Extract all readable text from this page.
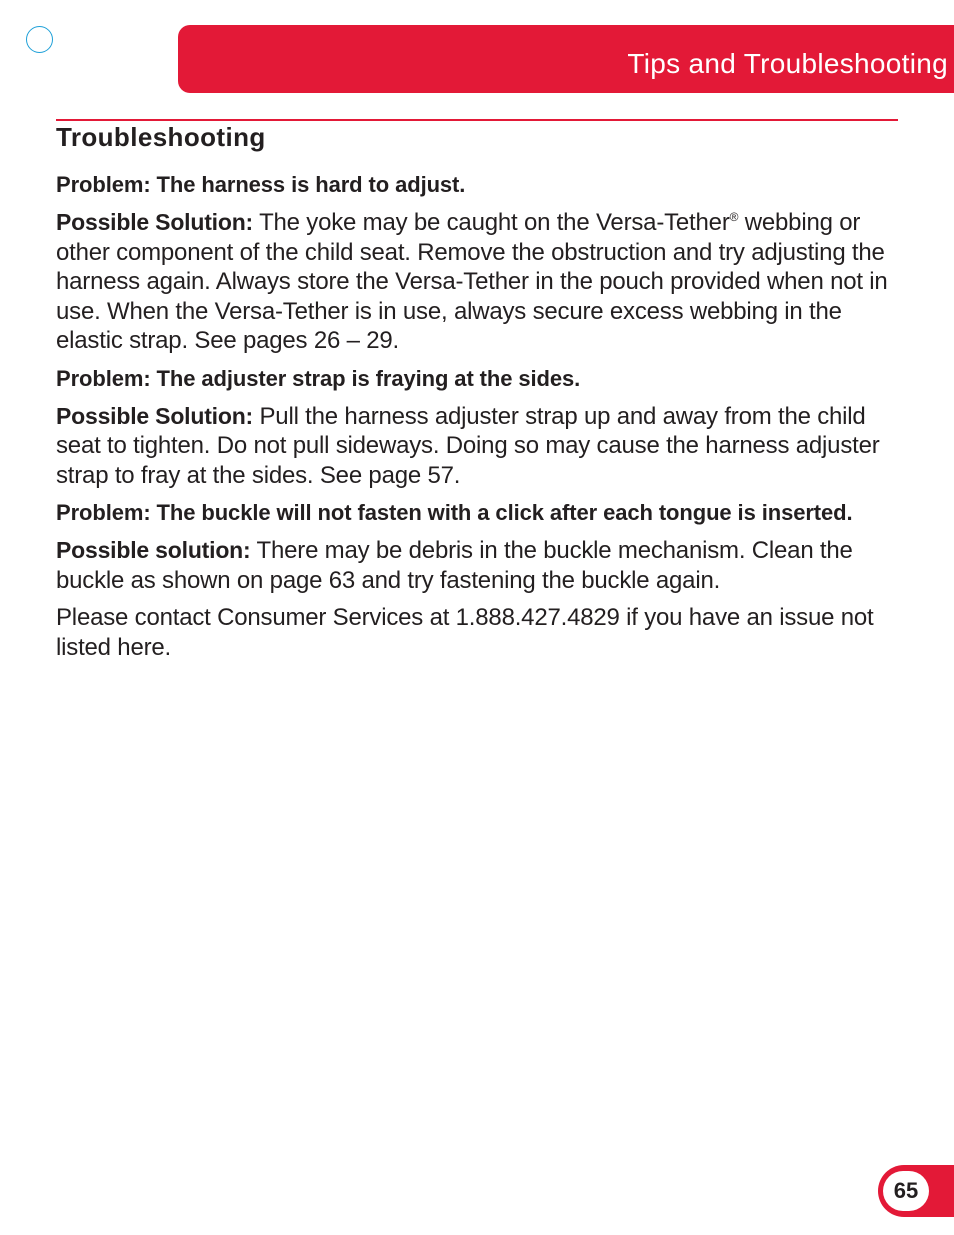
Tips and Troubleshooting
Troubleshooting

Problem: The harness is hard to adjust.

Possible Solution: The yoke may be caught on the Versa-Tether® webbing or other component of the child seat. Remove the obstruction and try adjusting the harness again. Always store the Versa-Tether in the pouch provided when not in use. When the Versa-Tether is in use, always secure excess webbing in the elastic strap. See pages 26 – 29.

Problem: The adjuster strap is fraying at the sides.

Possible Solution: Pull the harness adjuster strap up and away from the child seat to tighten. Do not pull sideways. Doing so may cause the harness adjuster strap to fray at the sides. See page 57.

Problem: The buckle will not fasten with a click after each tongue is inserted.

Possible solution: There may be debris in the buckle mechanism. Clean the buckle as shown on page 63 and try fastening the buckle again.

Please contact Consumer Services at 1.888.427.4829 if you have an issue not listed here.

65
